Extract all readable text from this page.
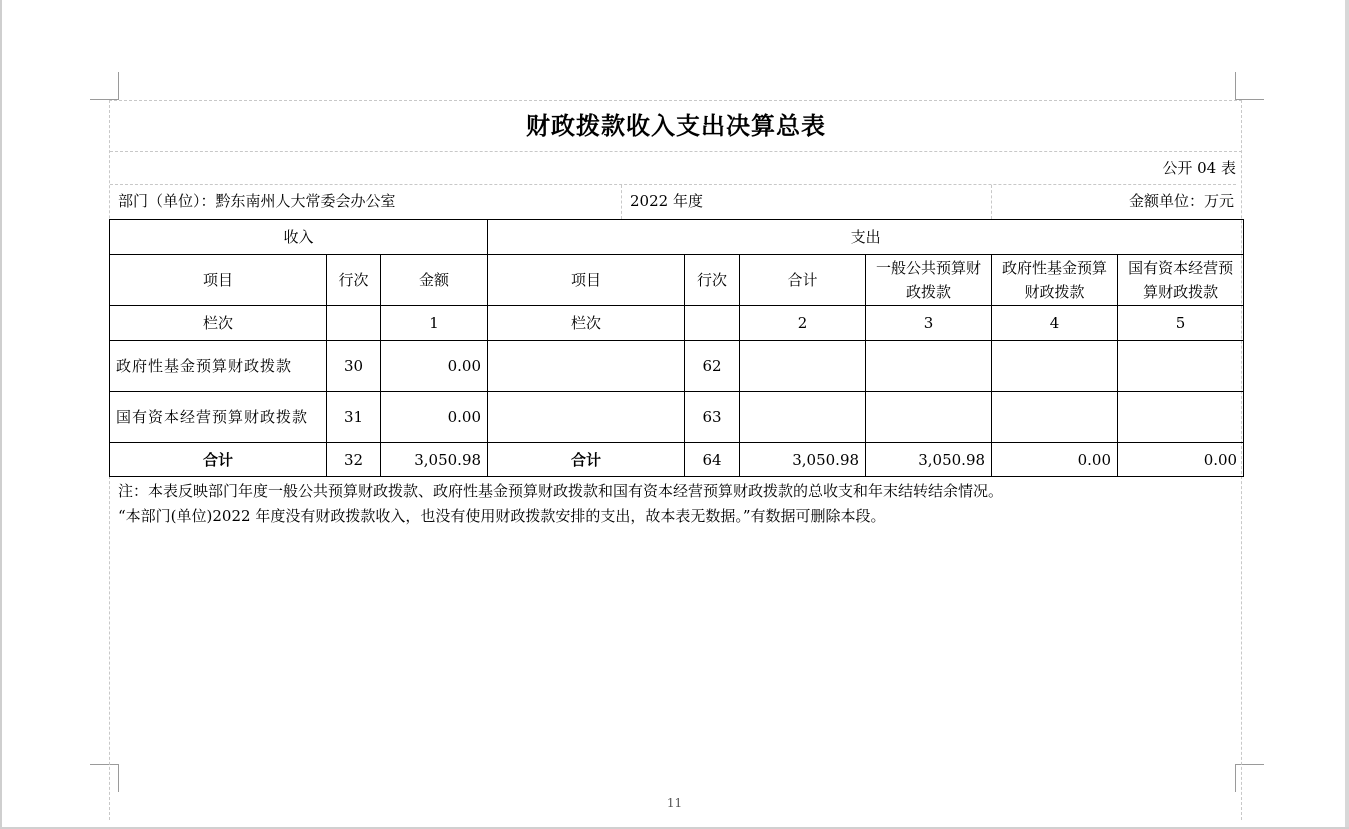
财政拨款收入支出决算总表
公开 04 表
部门（单位）：黔东南州人大常委会办公室	2022 年度	金额单位：万元
收入			支出					
项目	行次	金额	项目	行次	合计	一般公共预算财政拨款	政府性基金预算财政拨款	国有资本经营预算财政拨款
栏次		1	栏次		2	3	4	5
政府性基金预算财政拨款	30	0.00		62				
国有资本经营预算财政拨款	31	0.00		63				
合计	32	3,050.98	合计	64	3,050.98	3,050.98	0.00	0.00
注：本表反映部门年度一般公共预算财政拨款、政府性基金预算财政拨款和国有资本经营预算财政拨款的总收支和年末结转结余情况。
“本部门(单位)2022 年度没有财政拨款收入，也没有使用财政拨款安排的支出，故本表无数据。”有数据可删除本段。
11
